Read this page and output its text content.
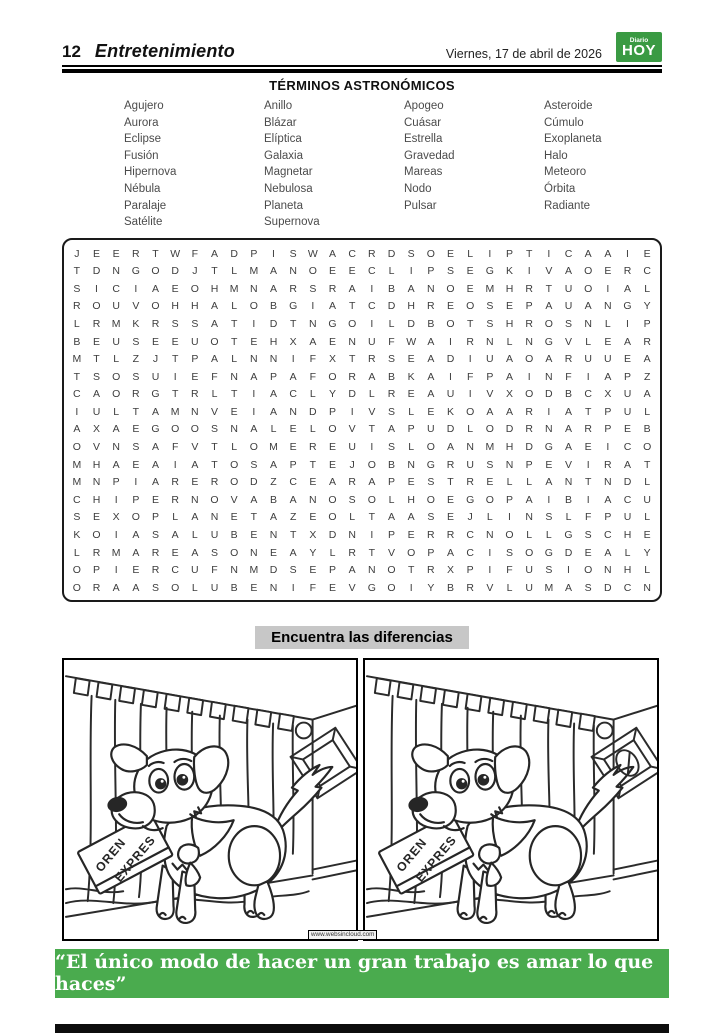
12 Entretenimiento	Viernes, 17 de abril de 2026
Diario
HOY
TÉRMINOS ASTRONÓMICOS
Agujero
Aurora
Eclipse
Fusión
Hipernova
Nébula
Paralaje
Satélite
Anillo
Blázar
Elíptica
Galaxia
Magnetar
Nebulosa
Planeta
Supernova
Apogeo
Cuásar
Estrella
Gravedad
Mareas
Nodo
Pulsar
Asteroide
Cúmulo
Exoplaneta
Halo
Meteoro
Órbita
Radiante
J	E	E	R	T	W	F	A	D	P	I	S	W	A	C	R	D	S	O	E	L	I	P	T	I	C	A	A	I	E
T	D	N	G	O	D	J	T	L	M	A	N	O	E	E	C	L	I	P	S	E	G	K	I	V	A	O	E	R	C
S	I	C	I	A	E	O	H	M	N	A	R	S	R	A	I	B	A	N	O	E	M	H	R	T	U	O	I	A	L
R	O	U	V	O	H	H	A	L	O	B	G	I	A	T	C	D	H	R	E	O	S	E	P	A	U	A	N	G	Y
L	R	M	K	R	S	S	A	T	I	D	T	N	G	O	I	L	D	B	O	T	S	H	R	O	S	N	L	I	P
B	E	U	S	E	E	U	O	T	E	H	X	A	E	N	U	F	W	A	I	R	N	L	N	G	V	L	E	A	R
M	T	L	Z	J	T	P	A	L	N	N	I	F	X	T	R	S	E	A	D	I	U	A	O	A	R	U	U	E	A
T	S	O	S	U	I	E	F	N	A	P	A	F	O	R	A	B	K	A	I	F	P	A	I	N	F	I	A	P	Z
C	A	O	R	G	T	R	L	T	I	A	C	L	Y	D	L	R	E	A	U	I	V	X	O	D	B	C	X	U	A
I	U	L	T	A	M	N	V	E	I	A	N	D	P	I	V	S	L	E	K	O	A	A	R	I	A	T	P	U	L
A	X	A	E	G	O	O	S	N	A	L	E	L	O	V	T	A	P	U	D	L	O	D	R	N	A	R	P	E	B
O	V	N	S	A	F	V	T	L	O	M	E	R	E	U	I	S	L	O	A	N	M	H	D	G	A	E	I	C	O
M	H	A	E	A	I	A	T	O	S	A	P	T	E	J	O	B	N	G	R	U	S	N	P	E	V	I	R	A	T
M	N	P	I	A	R	E	R	O	D	Z	C	E	A	R	A	P	E	S	T	R	E	L	L	A	N	T	N	D	L
C	H	I	P	E	R	N	O	V	A	B	A	N	O	S	O	L	H	O	E	G	O	P	A	I	B	I	A	C	U
S	E	X	O	P	L	A	N	E	T	A	Z	E	O	L	T	A	A	S	E	J	L	I	N	S	L	F	P	U	L
K	O	I	A	S	A	L	U	B	E	N	T	X	D	N	I	P	E	R	R	C	N	O	L	L	G	S	C	H	E
L	R	M	A	R	E	A	S	O	N	E	A	Y	L	R	T	V	O	P	A	C	I	S	O	G	D	E	A	L	Y
O	P	I	E	R	C	U	F	N	M	D	S	E	P	A	N	O	T	R	X	P	I	F	U	S	I	O	N	H	L
O	R	A	A	S	O	L	U	B	E	N	I	F	E	V	G	O	I	Y	B	R	V	L	U	M	A	S	D	C	N
Encuentra las diferencias
www.websincloud.com
“El único modo de hacer un gran trabajo es amar lo que haces”
